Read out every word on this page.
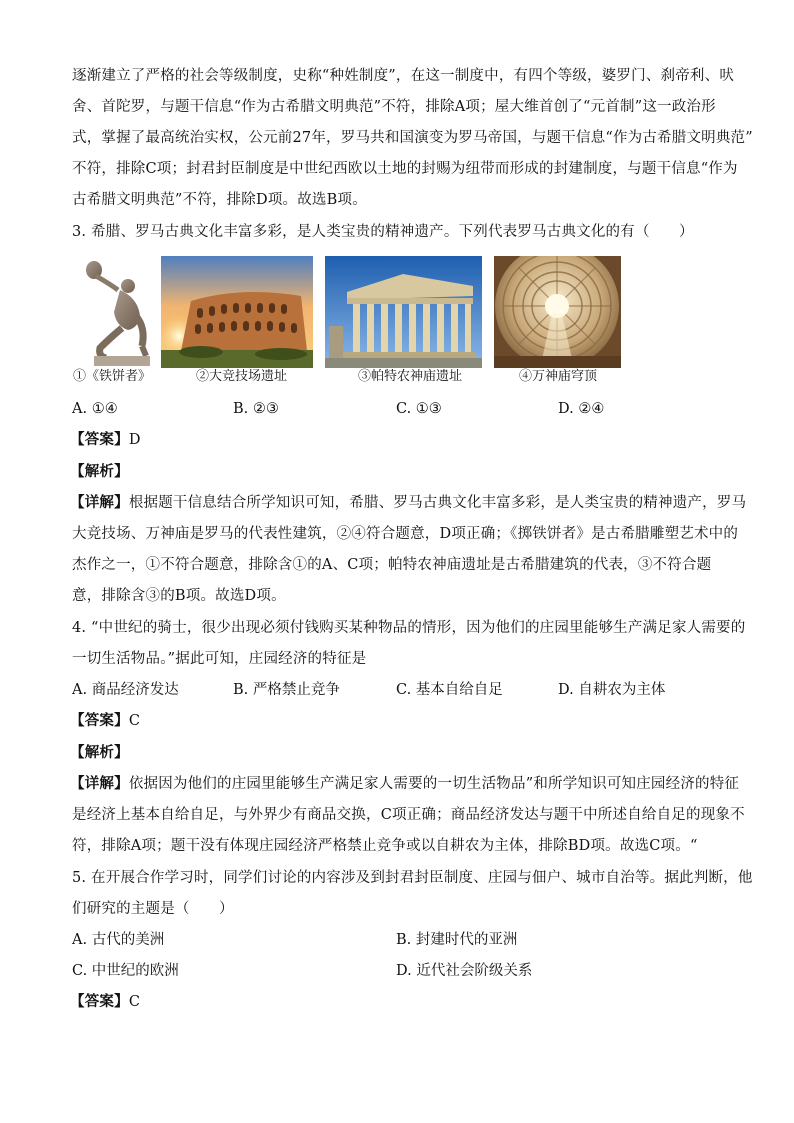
逐渐建立了严格的社会等级制度，史称“种姓制度”，在这一制度中，有四个等级，婆罗门、刹帝利、吠
舍、首陀罗，与题干信息“作为古希腊文明典范”不符，排除A项；屋大维首创了“元首制”这一政治形
式，掌握了最高统治实权，公元前27年，罗马共和国演变为罗马帝国，与题干信息“作为古希腊文明典范”
不符，排除C项；封君封臣制度是中世纪西欧以土地的封赐为纽带而形成的封建制度，与题干信息“作为
古希腊文明典范”不符，排除D项。故选B项。
3. 希腊、罗马古典文化丰富多彩，是人类宝贵的精神遗产。下列代表罗马古典文化的有（　　）
①《铁饼者》	②大竞技场遗址	③帕特农神庙遗址	④万神庙穹顶
A. ①④	B. ②③	C. ①③	D. ②④
【答案】D
【解析】
【详解】根据题干信息结合所学知识可知，希腊、罗马古典文化丰富多彩，是人类宝贵的精神遗产，罗马
大竞技场、万神庙是罗马的代表性建筑，②④符合题意，D项正确；《掷铁饼者》是古希腊雕塑艺术中的
杰作之一，①不符合题意，排除含①的A、C项；帕特农神庙遗址是古希腊建筑的代表，③不符合题
意，排除含③的B项。故选D项。
4. “中世纪的骑士，很少出现必须付钱购买某种物品的情形，因为他们的庄园里能够生产满足家人需要的
一切生活物品。”据此可知，庄园经济的特征是
A. 商品经济发达	B. 严格禁止竞争	C. 基本自给自足	D. 自耕农为主体
【答案】C
【解析】
【详解】依据因为他们的庄园里能够生产满足家人需要的一切生活物品”和所学知识可知庄园经济的特征
是经济上基本自给自足，与外界少有商品交换，C项正确；商品经济发达与题干中所述自给自足的现象不
符，排除A项；题干没有体现庄园经济严格禁止竞争或以自耕农为主体，排除BD项。故选C项。“
5. 在开展合作学习时，同学们讨论的内容涉及到封君封臣制度、庄园与佃户、城市自治等。据此判断，他
们研究的主题是（　　）
A. 古代的美洲	B. 封建时代的亚洲
C. 中世纪的欧洲	D. 近代社会阶级关系
【答案】C
